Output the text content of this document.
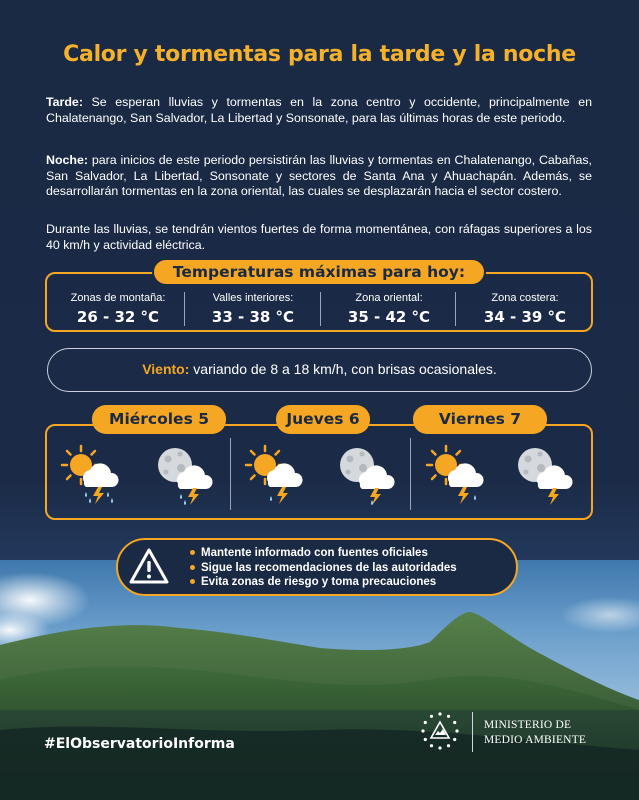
Calor y tormentas para la tarde y la noche

Tarde: Se esperan lluvias y tormentas en la zona centro y occidente, principalmente en Chalatenango, San Salvador, La Libertad y Sonsonate, para las últimas horas de este periodo.

Noche: para inicios de este periodo persistirán las lluvias y tormentas en Chalatenango, Cabañas, San Salvador, La Libertad, Sonsonate y sectores de Santa Ana y Ahuachapán. Además, se desarrollarán tormentas en la zona oriental, las cuales se desplazarán hacia el sector costero.

Durante las lluvias, se tendrán vientos fuertes de forma momentánea, con ráfagas superiores a los 40 km/h y actividad eléctrica.

Temperaturas máximas para hoy:
Zonas de montaña:
26 - 32 °C
Valles interiores:
33 - 38 °C
Zona oriental:
35 - 42 °C
Zona costera:
34 - 39 °C
Viento: variando de 8 a 18 km/h, con brisas ocasionales.
Miércoles 5	Jueves 6	Viernes 7
Mantente informado con fuentes oficiales
Sigue las recomendaciones de las autoridades
Evita zonas de riesgo y toma precauciones
#ElObservatorioInforma
MINISTERIO DE
MEDIO AMBIENTE
